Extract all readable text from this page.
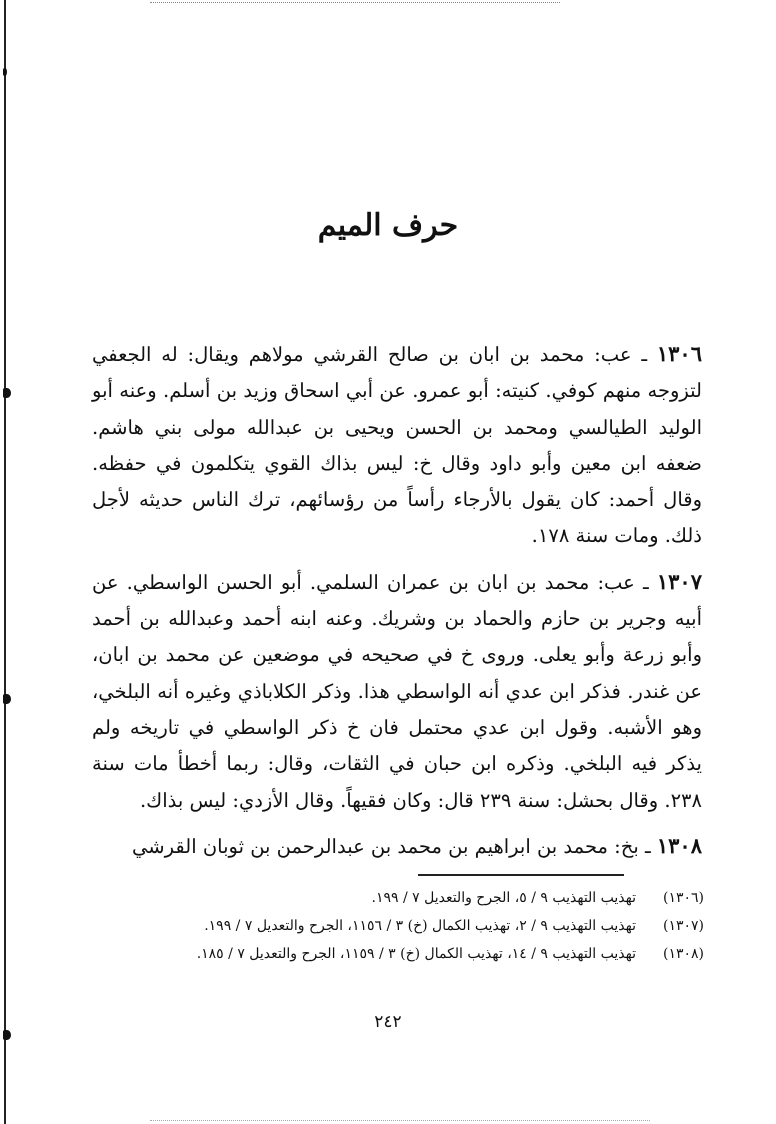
حرف الميم

١٣٠٦ ـ عب: محمد بن ابان بن صالح القرشي مولاهم ويقال: له الجعفي لتزوجه منهم كوفي. كنيته: أبو عمرو. عن أبي اسحاق وزيد بن أسلم. وعنه أبو الوليد الطيالسي ومحمد بن الحسن ويحيى بن عبدالله مولى بني هاشم. ضعفه ابن معين وأبو داود وقال خ: ليس بذاك القوي يتكلمون في حفظه. وقال أحمد: كان يقول بالأرجاء رأساً من رؤسائهم، ترك الناس حديثه لأجل ذلك. ومات سنة ١٧٨.

١٣٠٧ ـ عب: محمد بن ابان بن عمران السلمي. أبو الحسن الواسطي. عن أبيه وجرير بن حازم والحماد بن وشريك. وعنه ابنه أحمد وعبدالله بن أحمد وأبو زرعة وأبو يعلى. وروى خ في صحيحه في موضعين عن محمد بن ابان، عن غندر. فذكر ابن عدي أنه الواسطي هذا. وذكر الكلاباذي وغيره أنه البلخي، وهو الأشبه. وقول ابن عدي محتمل فان خ ذكر الواسطي في تاريخه ولم يذكر فيه البلخي. وذكره ابن حبان في الثقات، وقال: ربما أخطأ مات سنة ٢٣٨. وقال بحشل: سنة ٢٣٩ قال: وكان فقيهاً. وقال الأزدي: ليس بذاك.

١٣٠٨ ـ بخ: محمد بن ابراهيم بن محمد بن عبدالرحمن بن ثوبان القرشي

(١٣٠٦)
تهذيب التهذيب ٩ / ٥، الجرح والتعديل ٧ / ١٩٩.
(١٣٠٧)
تهذيب التهذيب ٩ / ٢، تهذيب الكمال (خ) ٣ / ١١٥٦، الجرح والتعديل ٧ / ١٩٩.
(١٣٠٨)
تهذيب التهذيب ٩ / ١٤، تهذيب الكمال (خ) ٣ / ١١٥٩، الجرح والتعديل ٧ / ١٨٥.
٢٤٢
